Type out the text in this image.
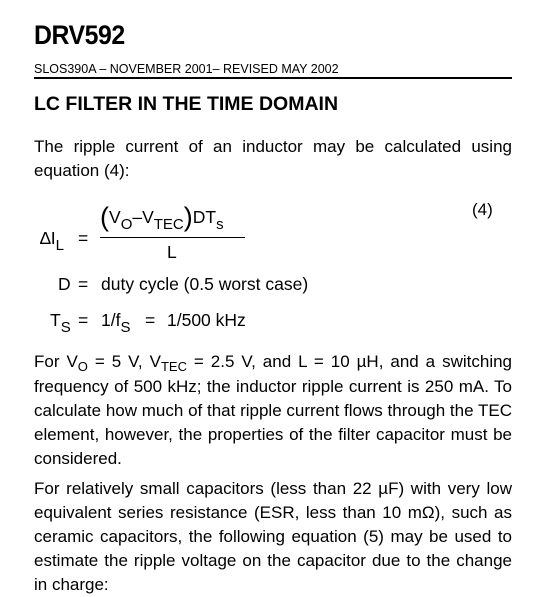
DRV592
SLOS390A – NOVEMBER 2001– REVISED MAY 2002
LC FILTER IN THE TIME DOMAIN
The ripple current of an inductor may be calculated using equation (4):
(4)
∆IL =
(VO–VTEC)DTs
L
D = duty cycle (0.5 worst case)
TS = 1/fS = 1/500 kHz
For $V_O = 5$ V, $V_{TEC} = 2.5$ V, and L = 10 µH, and a switching frequency of 500 kHz; the inductor ripple current is 250 mA. To calculate how much of that ripple current flows through the TEC element, however, the properties of the filter capacitor must be considered.
For relatively small capacitors (less than 22 µF) with very low equivalent series resistance (ESR, less than 10 mΩ), such as ceramic capacitors, the following equation (5) may be used to estimate the ripple voltage on the capacitor due to the change in charge:
